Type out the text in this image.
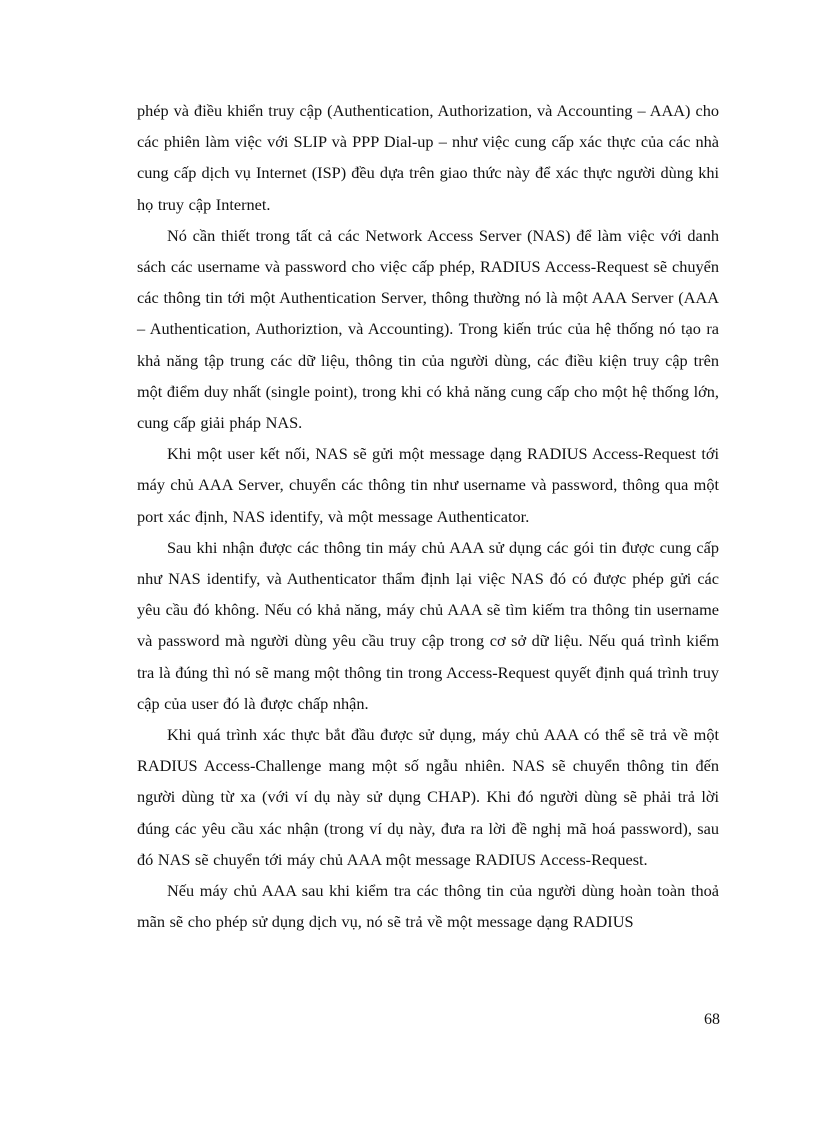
phép và điều khiển truy cập (Authentication, Authorization, và Accounting – AAA) cho các phiên làm việc với SLIP và PPP Dial-up – như việc cung cấp xác thực của các nhà cung cấp dịch vụ Internet (ISP) đều dựa trên giao thức này để xác thực người dùng khi họ truy cập Internet.

Nó cần thiết trong tất cả các Network Access Server (NAS) để làm việc với danh sách các username và password cho việc cấp phép, RADIUS Access-Request sẽ chuyển các thông tin tới một Authentication Server, thông thường nó là một AAA Server (AAA – Authentication, Authoriztion, và Accounting). Trong kiến trúc của hệ thống nó tạo ra khả năng tập trung các dữ liệu, thông tin của người dùng, các điều kiện truy cập trên một điểm duy nhất (single point), trong khi có khả năng cung cấp cho một hệ thống lớn, cung cấp giải pháp NAS.

Khi một user kết nối, NAS sẽ gửi một message dạng RADIUS Access-Request tới máy chủ AAA Server, chuyển các thông tin như username và password, thông qua một port xác định, NAS identify, và một message Authenticator.

Sau khi nhận được các thông tin máy chủ AAA sử dụng các gói tin được cung cấp như NAS identify, và Authenticator thẩm định lại việc NAS đó có được phép gửi các yêu cầu đó không. Nếu có khả năng, máy chủ AAA sẽ tìm kiếm tra thông tin username và password mà người dùng yêu cầu truy cập trong cơ sở dữ liệu. Nếu quá trình kiểm tra là đúng thì nó sẽ mang một thông tin trong Access-Request quyết định quá trình truy cập của user đó là được chấp nhận.

Khi quá trình xác thực bắt đầu được sử dụng, máy chủ AAA có thể sẽ trả về một RADIUS Access-Challenge mang một số ngẫu nhiên. NAS sẽ chuyển thông tin đến người dùng từ xa (với ví dụ này sử dụng CHAP). Khi đó người dùng sẽ phải trả lời đúng các yêu cầu xác nhận (trong ví dụ này, đưa ra lời đề nghị mã hoá password), sau đó NAS sẽ chuyển tới máy chủ AAA một message RADIUS Access-Request.

Nếu máy chủ AAA sau khi kiểm tra các thông tin của người dùng hoàn toàn thoả mãn sẽ cho phép sử dụng dịch vụ, nó sẽ trả về một message dạng RADIUS

68
